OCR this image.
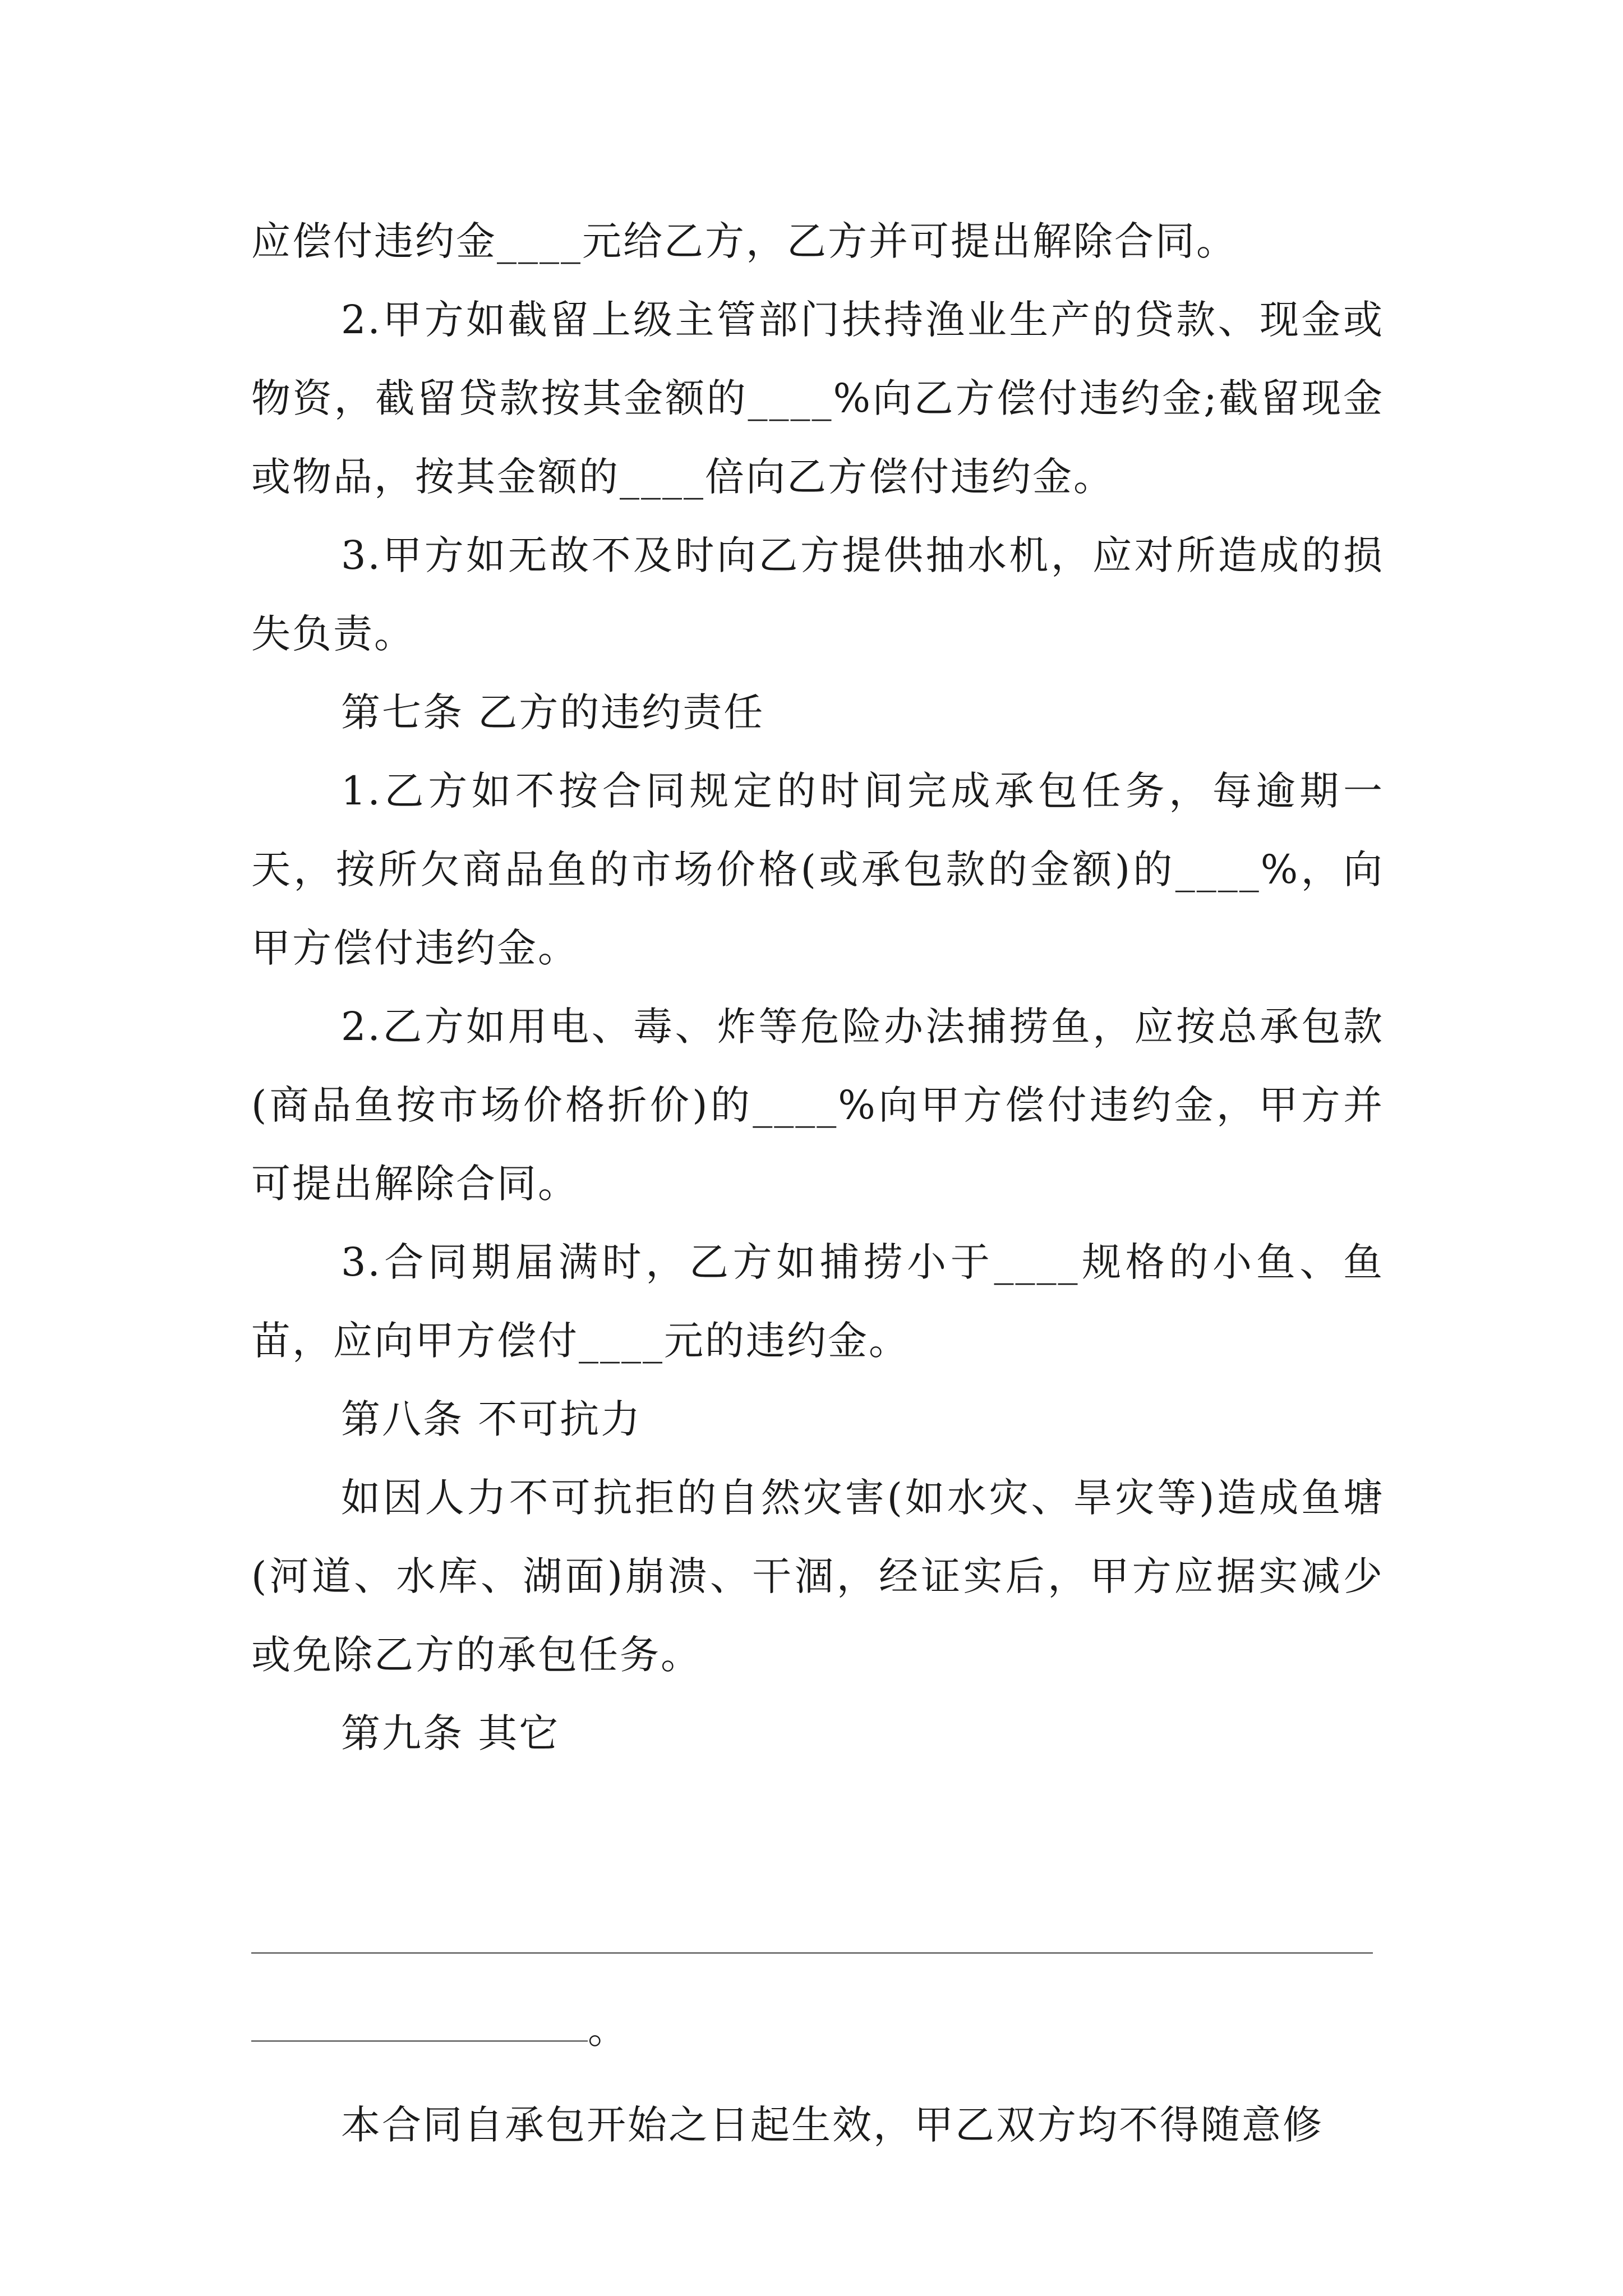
应偿付违约金____元给乙方，乙方并可提出解除合同。

2.甲方如截留上级主管部门扶持渔业生产的贷款、现金或物资，截留贷款按其金额的____%向乙方偿付违约金;截留现金或物品，按其金额的____倍向乙方偿付违约金。

3.甲方如无故不及时向乙方提供抽水机，应对所造成的损失负责。

第七条 乙方的违约责任

1.乙方如不按合同规定的时间完成承包任务，每逾期一天，按所欠商品鱼的市场价格(或承包款的金额)的____%，向甲方偿付违约金。

2.乙方如用电、毒、炸等危险办法捕捞鱼，应按总承包款(商品鱼按市场价格折价)的____%向甲方偿付违约金，甲方并可提出解除合同。

3.合同期届满时，乙方如捕捞小于____规格的小鱼、鱼苗，应向甲方偿付____元的违约金。

第八条 不可抗力

如因人力不可抗拒的自然灾害(如水灾、旱灾等)造成鱼塘(河道、水库、湖面)崩溃、干涸，经证实后，甲方应据实减少或免除乙方的承包任务。

第九条 其它

。

本合同自承包开始之日起生效，甲乙双方均不得随意修
